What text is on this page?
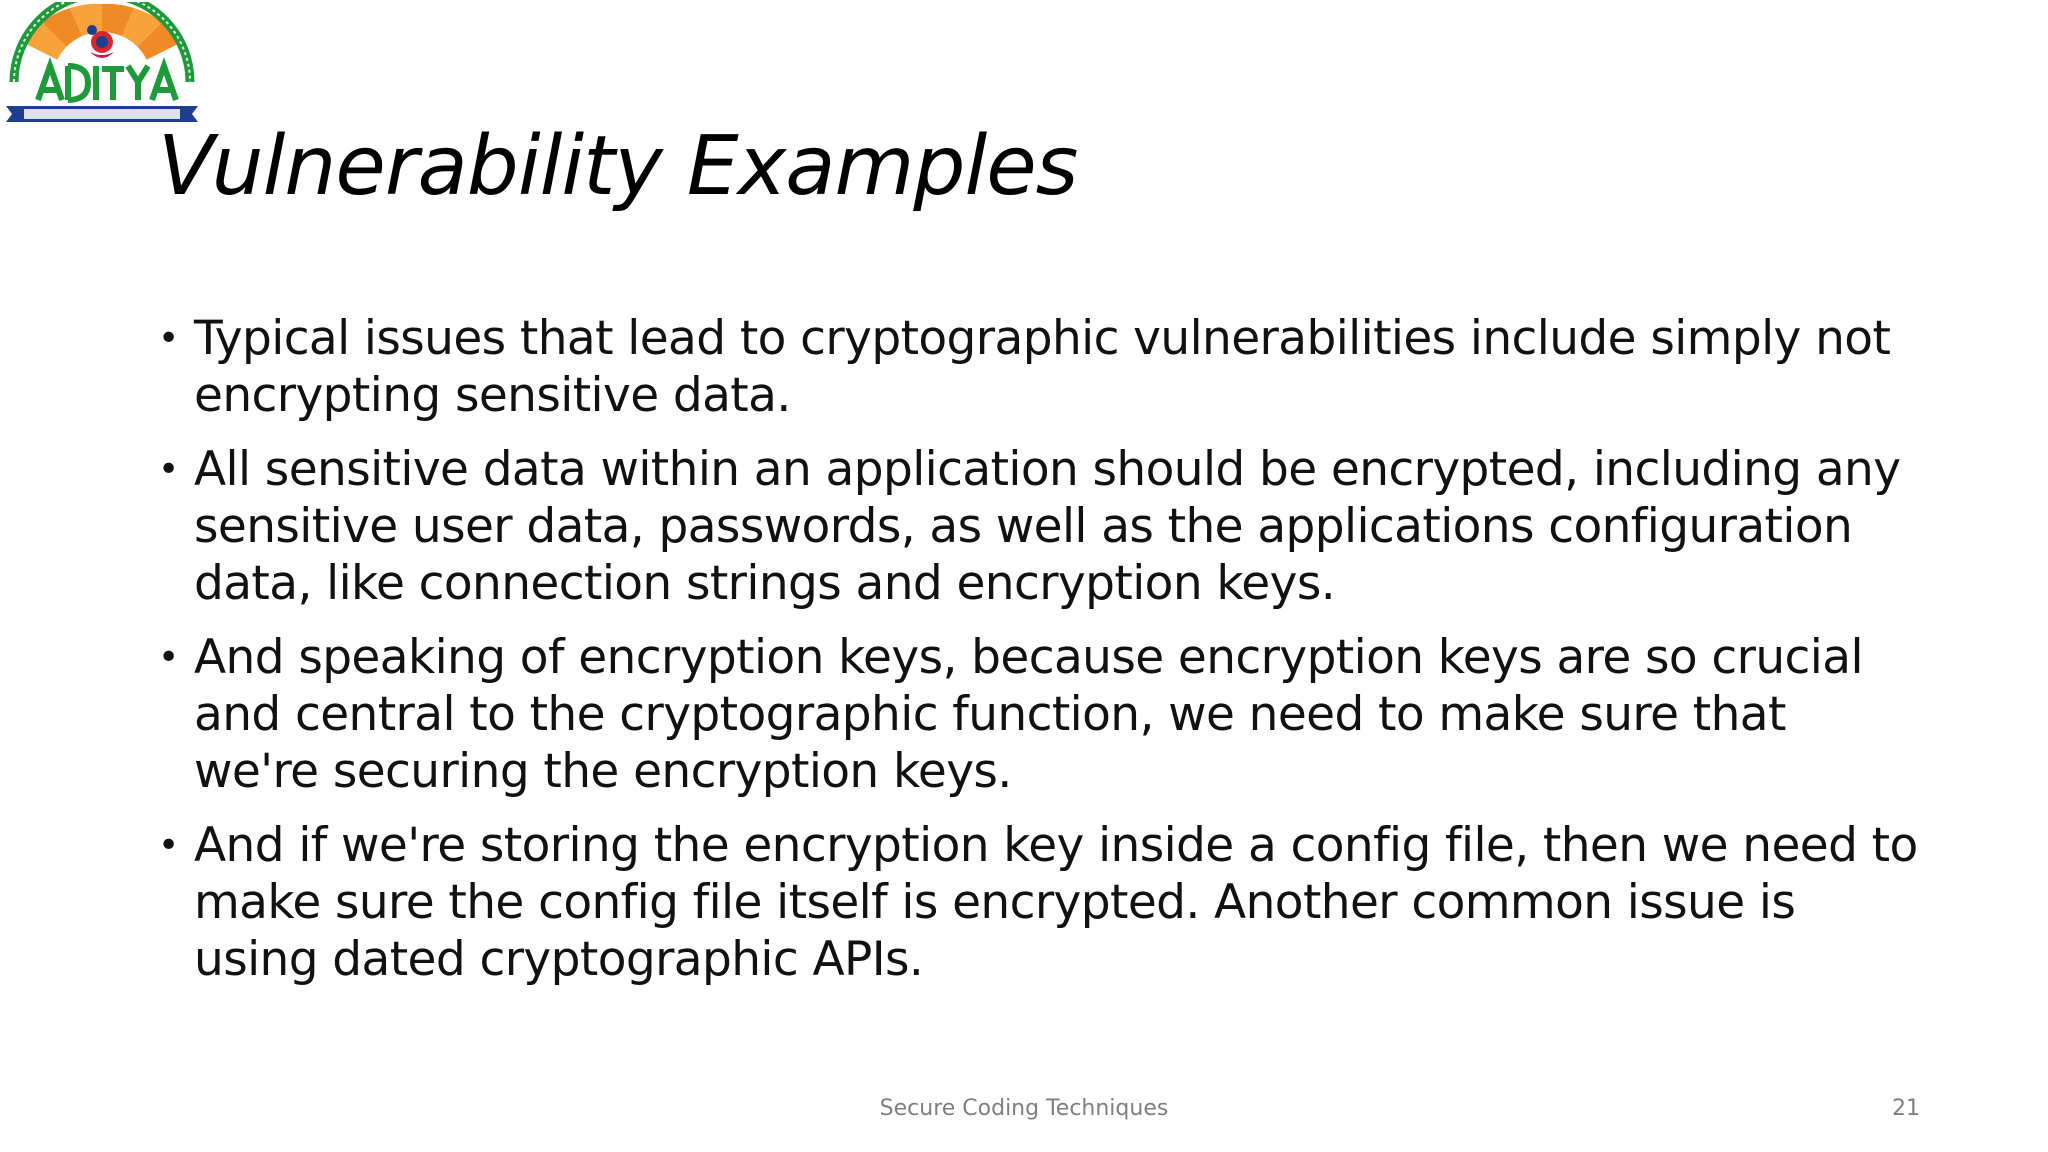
Vulnerability Examples
• Typical issues that lead to cryptographic vulnerabilities include simply not encrypting sensitive data.
• All sensitive data within an application should be encrypted, including any sensitive user data, passwords, as well as the applications configuration data, like connection strings and encryption keys.
• And speaking of encryption keys, because encryption keys are so crucial and central to the cryptographic function, we need to make sure that we're securing the encryption keys.
• And if we're storing the encryption key inside a config file, then we need to make sure the config file itself is encrypted. Another common issue is using dated cryptographic APIs.
Secure Coding Techniques	21
